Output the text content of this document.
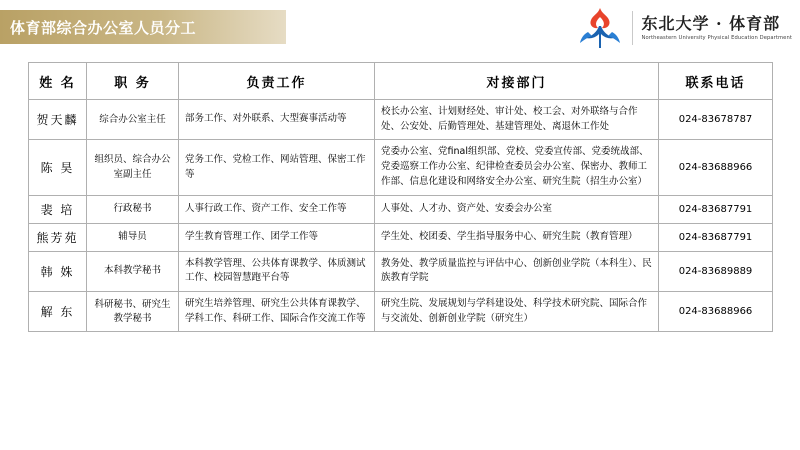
体育部综合办公室人员分工	东北大学 · 体育部
Northeastern University Physical Education Department
姓 名	职 务	负责工作	对接部门	联系电话
贺天麟	综合办公室主任	部务工作、对外联系、大型赛事活动等	校长办公室、计划财经处、审计处、校工会、对外联络与合作处、公安处、后勤管理处、基建管理处、离退休工作处	024-83678787
陈 昊	组织员、综合办公室副主任	党务工作、党检工作、网站管理、保密工作等	党委办公室、党final组织部、党校、党委宣传部、党委统战部、党委巡察工作办公室、纪律检查委员会办公室、保密办、教师工作部、信息化建设和网络安全办公室、研究生院（招生办公室）	024-83688966
裴 培	行政秘书	人事行政工作、资产工作、安全工作等	人事处、人才办、资产处、安委会办公室	024-83687791
熊芳苑	辅导员	学生教育管理工作、团学工作等	学生处、校团委、学生指导服务中心、研究生院（教育管理）	024-83687791
韩 姝	本科教学秘书	本科教学管理、公共体育课教学、体质测试工作、校园智慧跑平台等	教务处、教学质量监控与评估中心、创新创业学院（本科生）、民族教育学院	024-83689889
解 东	科研秘书、研究生教学秘书	研究生培养管理、研究生公共体育课教学、学科工作、科研工作、国际合作交流工作等	研究生院、发展规划与学科建设处、科学技术研究院、国际合作与交流处、创新创业学院（研究生）	024-83688966
